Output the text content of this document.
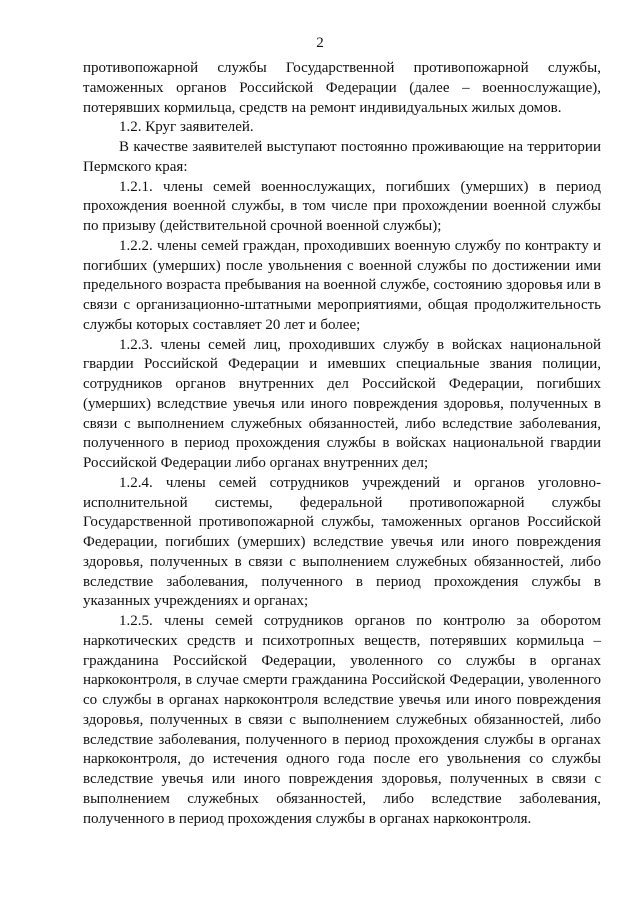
2

противопожарной службы Государственной противопожарной службы, таможенных органов Российской Федерации (далее – военнослужащие), потерявших кормильца, средств на ремонт индивидуальных жилых домов.

1.2. Круг заявителей.

В качестве заявителей выступают постоянно проживающие на территории Пермского края:

1.2.1. члены семей военнослужащих, погибших (умерших) в период прохождения военной службы, в том числе при прохождении военной службы по призыву (действительной срочной военной службы);

1.2.2. члены семей граждан, проходивших военную службу по контракту и погибших (умерших) после увольнения с военной службы по достижении ими предельного возраста пребывания на военной службе, состоянию здоровья или в связи с организационно-штатными мероприятиями, общая продолжительность службы которых составляет 20 лет и более;

1.2.3. члены семей лиц, проходивших службу в войсках национальной гвардии Российской Федерации и имевших специальные звания полиции, сотрудников органов внутренних дел Российской Федерации, погибших (умерших) вследствие увечья или иного повреждения здоровья, полученных в связи с выполнением служебных обязанностей, либо вследствие заболевания, полученного в период прохождения службы в войсках национальной гвардии Российской Федерации либо органах внутренних дел;

1.2.4. члены семей сотрудников учреждений и органов уголовно-исполнительной системы, федеральной противопожарной службы Государственной противопожарной службы, таможенных органов Российской Федерации, погибших (умерших) вследствие увечья или иного повреждения здоровья, полученных в связи с выполнением служебных обязанностей, либо вследствие заболевания, полученного в период прохождения службы в указанных учреждениях и органах;

1.2.5. члены семей сотрудников органов по контролю за оборотом наркотических средств и психотропных веществ, потерявших кормильца – гражданина Российской Федерации, уволенного со службы в органах наркоконтроля, в случае смерти гражданина Российской Федерации, уволенного со службы в органах наркоконтроля вследствие увечья или иного повреждения здоровья, полученных в связи с выполнением служебных обязанностей, либо вследствие заболевания, полученного в период прохождения службы в органах наркоконтроля, до истечения одного года после его увольнения со службы вследствие увечья или иного повреждения здоровья, полученных в связи с выполнением служебных обязанностей, либо вследствие заболевания, полученного в период прохождения службы в органах наркоконтроля.
